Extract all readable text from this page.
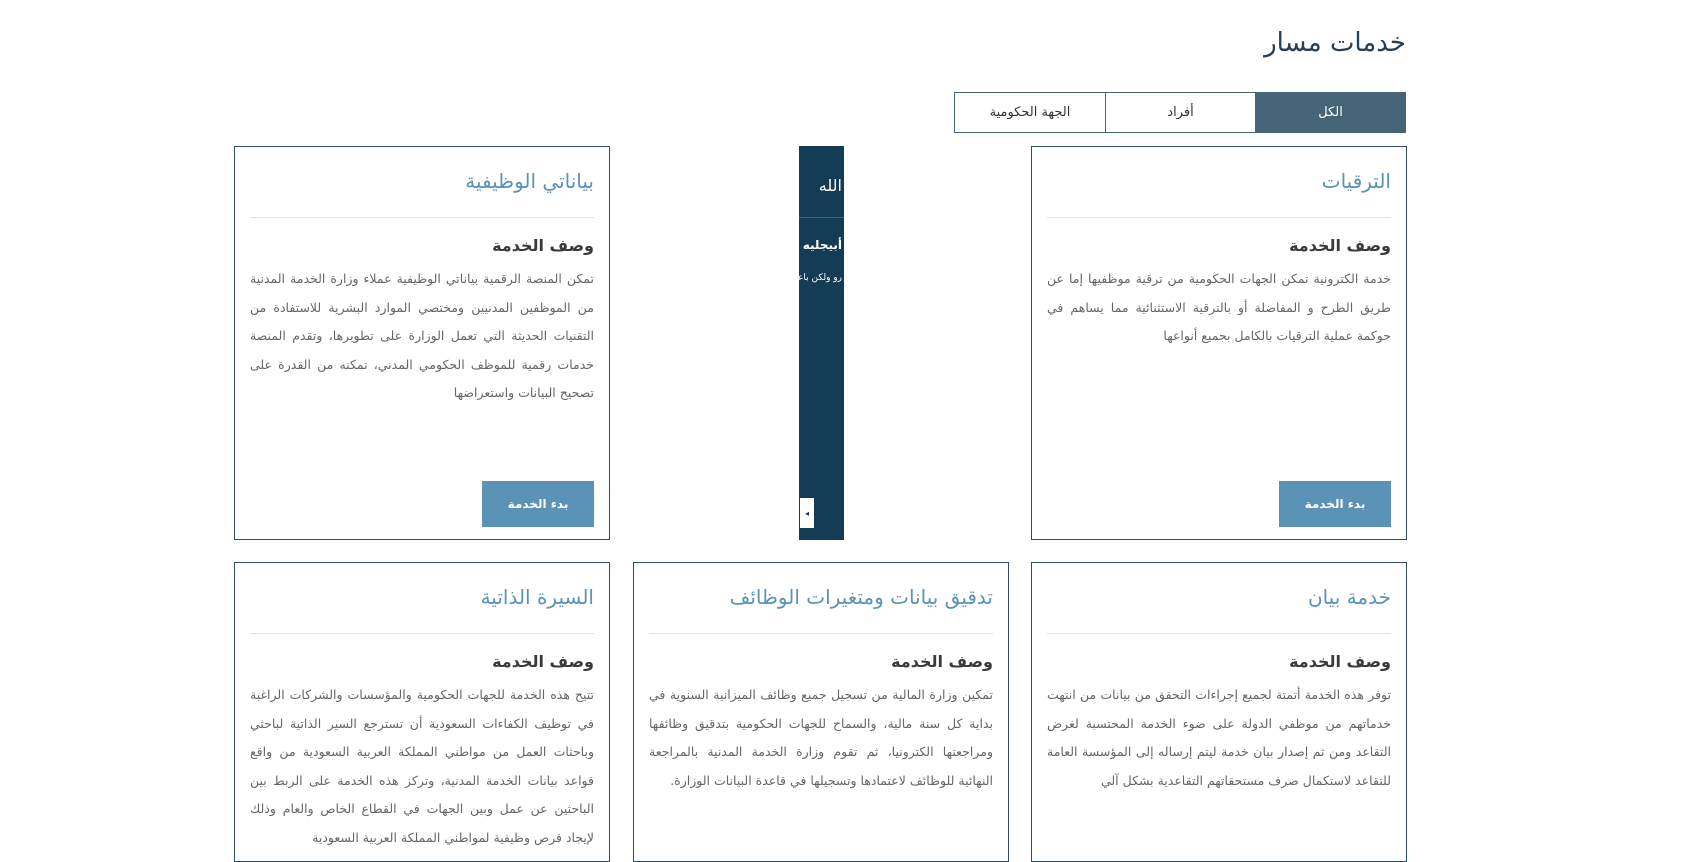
خدمات مسار
الكل
أفراد
الجهة الحكومية
الترقيات
وصف الخدمة

خدمة الكترونية تمكن الجهات الحكومية من ترقية موظفيها إما عن طريق الطرح و المفاضلة أو بالترقية الاستثنائية مما يساهم في حوكمة عملية الترقيات بالكامل بجميع أنواعها

بدء الخدمة
الله
أبيجليه
رو ولكن باعتمرتون و تشتيفني زدنا وزارة و سريلاد
◂
بياناتي الوظيفية
وصف الخدمة

تمكن المنصة الرقمية بياناتي الوظيفية عملاء وزارة الخدمة المدنية من الموظفين المدنيين ومختصي الموارد البشرية للاستفادة من التقنيات الحديثة التي تعمل الوزارة على تطويرها، وتقدم المنصة خدمات رقمية للموظف الحكومي المدني، تمكنه من القدرة على تصحيح البيانات واستعراضها

بدء الخدمة
خدمة بيان
وصف الخدمة

توفر هذه الخدمة أتمتة لجميع إجراءات التحقق من بيانات من انتهت خدماتهم من موظفي الدولة على ضوء الخدمة المحتسبة لغرض التقاعد ومن ثم إصدار بيان خدمة ليتم إرساله إلى المؤسسة العامة للتقاعد لاستكمال صرف مستحقاتهم التقاعدية بشكل آلي

تدقيق بيانات ومتغيرات الوظائف
وصف الخدمة

تمكين وزارة المالية من تسجيل جميع وظائف الميزانية السنوية في بداية كل سنة مالية، والسماح للجهات الحكومية بتدقيق وظائفها ومراجعتها الكترونيا، ثم تقوم وزارة الخدمة المدنية بالمراجعة النهائية للوظائف لاعتمادها وتسجيلها في قاعدة البيانات الوزارة.

السيرة الذاتية
وصف الخدمة

تتيح هذه الخدمة للجهات الحكومية والمؤسسات والشركات الراغبة في توظيف الكفاءات السعودية أن تسترجع السير الذاتية لباحثي وباحثات العمل من مواطني المملكة العربية السعودية من واقع قواعد بيانات الخدمة المدنية، وتركز هذه الخدمة على الربط بين الباحثين عن عمل وبين الجهات في القطاع الخاص والعام وذلك لإيجاد فرص وظيفية لمواطني المملكة العربية السعودية
